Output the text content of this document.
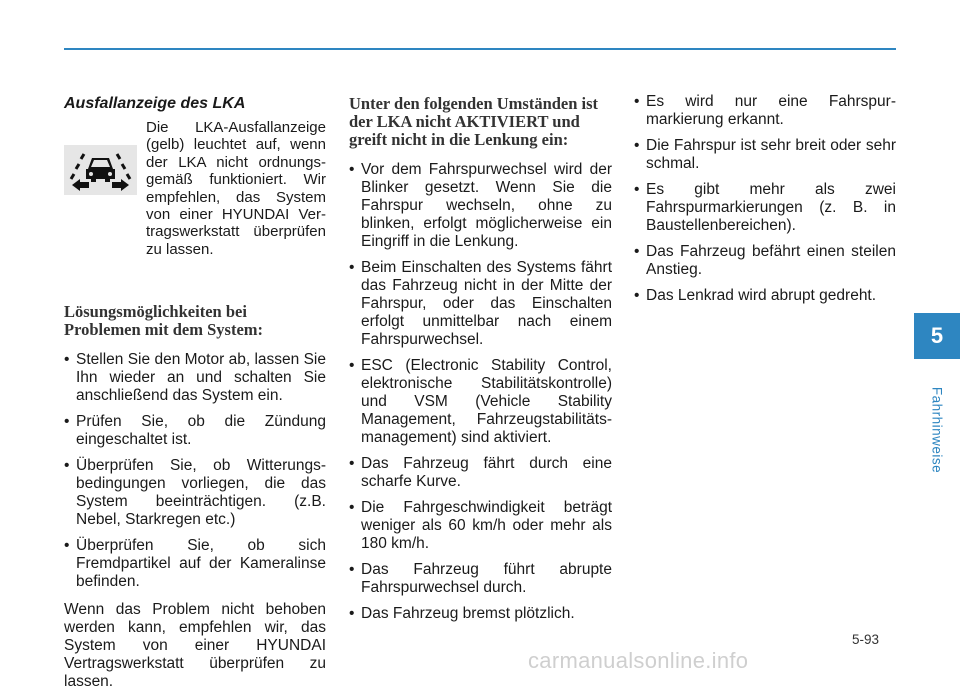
Ausfallanzeige des LKA
Die LKA-Ausfallanzeige (gelb) leuchtet auf, wenn der LKA nicht ordnungs-gemäß funktioniert. Wir empfehlen, das System von einer HYUNDAI Ver-tragswerkstatt überprüfen zu lassen.
Lösungsmöglichkeiten bei
Problemen mit dem System:
• Stellen Sie den Motor ab, lassen Sie Ihn wieder an und schalten Sie anschließend das System ein.
• Prüfen Sie, ob die Zündung eingeschaltet ist.
• Überprüfen Sie, ob Witterungs-bedingungen vorliegen, die das System beeinträchtigen. (z.B. Nebel, Starkregen etc.)
• Überprüfen Sie, ob sich Fremdpartikel auf der Kameralinse befinden.

Wenn das Problem nicht behoben werden kann, empfehlen wir, das System von einer HYUNDAI Vertragswerkstatt überprüfen zu lassen.

Unter den folgenden Umständen ist
der LKA nicht AKTIVIERT und
greift nicht in die Lenkung ein:
• Vor dem Fahrspurwechsel wird der Blinker gesetzt. Wenn Sie die Fahrspur wechseln, ohne zu blinken, erfolgt möglicherweise ein Eingriff in die Lenkung.
• Beim Einschalten des Systems fährt das Fahrzeug nicht in der Mitte der Fahrspur, oder das Einschalten erfolgt unmittelbar nach einem Fahrspurwechsel.
• ESC (Electronic Stability Control, elektronische Stabilitätskontrolle) und VSM (Vehicle Stability Management, Fahrzeugstabilitäts-management) sind aktiviert.
• Das Fahrzeug fährt durch eine scharfe Kurve.
• Die Fahrgeschwindigkeit beträgt weniger als 60 km/h oder mehr als 180 km/h.
• Das Fahrzeug führt abrupte Fahrspurwechsel durch.
• Das Fahrzeug bremst plötzlich.
• Es wird nur eine Fahrspur-markierung erkannt.
• Die Fahrspur ist sehr breit oder sehr schmal.
• Es gibt mehr als zwei Fahrspurmarkierungen (z. B. in Baustellenbereichen).
• Das Fahrzeug befährt einen steilen Anstieg.
• Das Lenkrad wird abrupt gedreht.
5
Fahrhinweise
5-93
carmanualsonline.info
